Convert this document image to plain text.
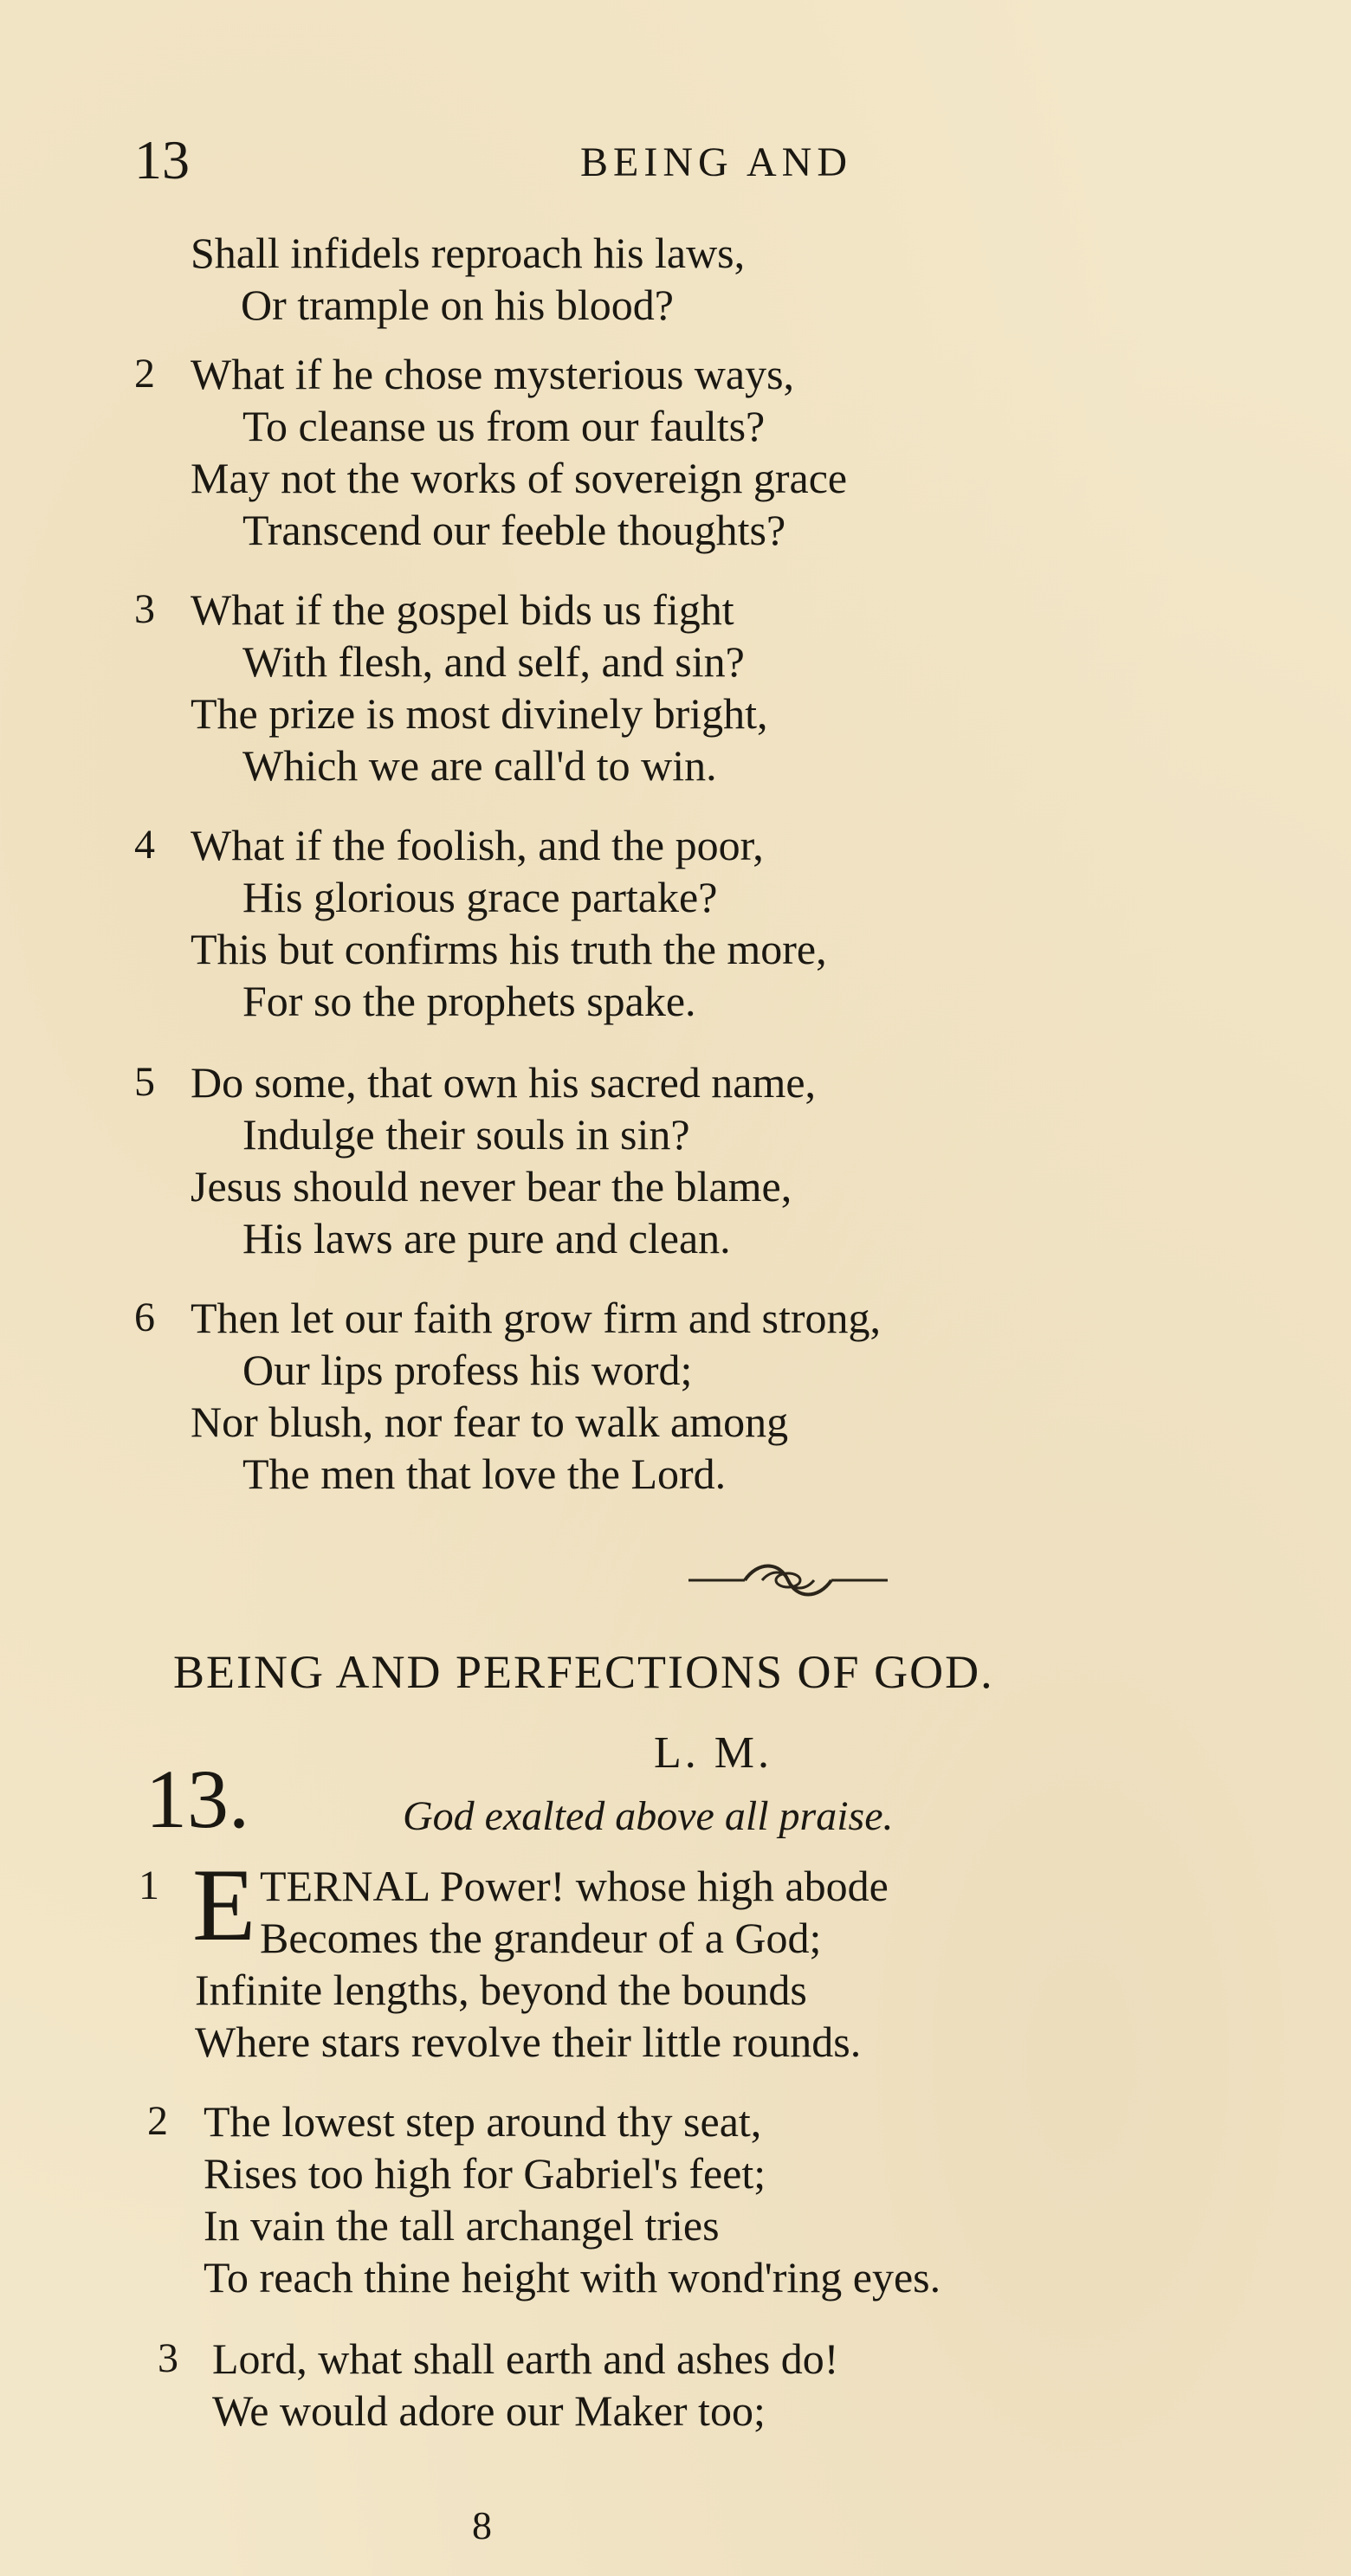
13	BEING AND
Shall infidels reproach his laws,
Or trample on his blood?
2 What if he chose mysterious ways,
To cleanse us from our faults?
May not the works of sovereign grace
Transcend our feeble thoughts?
3 What if the gospel bids us fight
With flesh, and self, and sin?
The prize is most divinely bright,
Which we are call'd to win.
4 What if the foolish, and the poor,
His glorious grace partake?
This but confirms his truth the more,
For so the prophets spake.
5 Do some, that own his sacred name,
Indulge their souls in sin?
Jesus should never bear the blame,
His laws are pure and clean.
6 Then let our faith grow firm and strong,
Our lips profess his word;
Nor blush, nor fear to walk among
The men that love the Lord.
BEING AND PERFECTIONS OF GOD.
L. M.
13.	God exalted above all praise.
1 E TERNAL Power! whose high abode
Becomes the grandeur of a God;
Infinite lengths, beyond the bounds
Where stars revolve their little rounds.
2 The lowest step around thy seat,
Rises too high for Gabriel's feet;
In vain the tall archangel tries
To reach thine height with wond'ring eyes.
3 Lord, what shall earth and ashes do!
We would adore our Maker too;
8
